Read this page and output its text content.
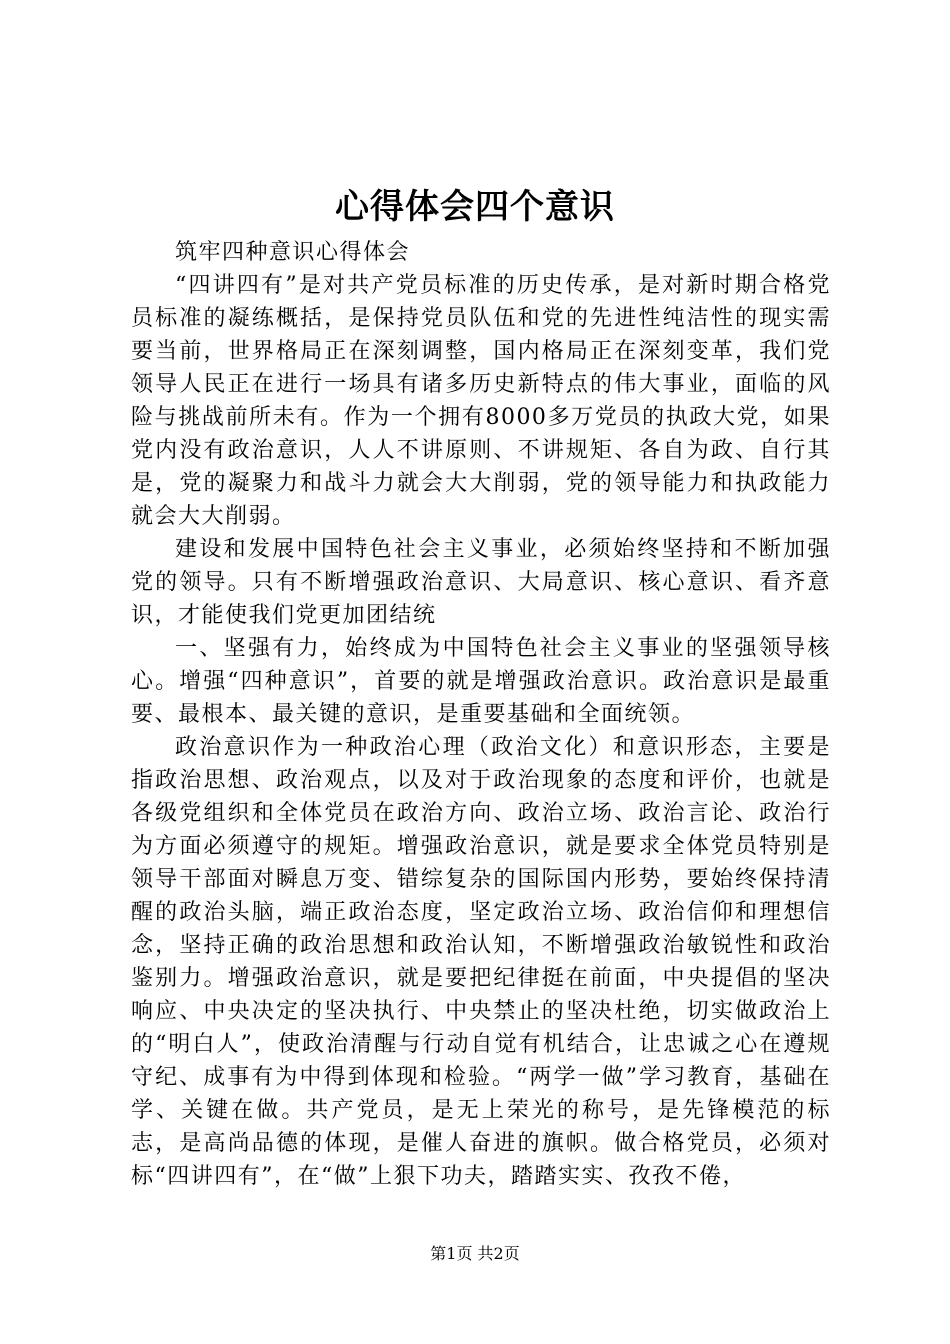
心得体会四个意识

筑牢四种意识心得体会

“四讲四有”是对共产党员标准的历史传承，是对新时期合格党员标准的凝练概括，是保持党员队伍和党的先进性纯洁性的现实需要当前，世界格局正在深刻调整，国内格局正在深刻变革，我们党领导人民正在进行一场具有诸多历史新特点的伟大事业，面临的风险与挑战前所未有。作为一个拥有8000多万党员的执政大党，如果党内没有政治意识，人人不讲原则、不讲规矩、各自为政、自行其是，党的凝聚力和战斗力就会大大削弱，党的领导能力和执政能力就会大大削弱。

建设和发展中国特色社会主义事业，必须始终坚持和不断加强党的领导。只有不断增强政治意识、大局意识、核心意识、看齐意识，才能使我们党更加团结统

一、坚强有力，始终成为中国特色社会主义事业的坚强领导核心。增强“四种意识”，首要的就是增强政治意识。政治意识是最重要、最根本、最关键的意识，是重要基础和全面统领。

政治意识作为一种政治心理（政治文化）和意识形态，主要是指政治思想、政治观点，以及对于政治现象的态度和评价，也就是各级党组织和全体党员在政治方向、政治立场、政治言论、政治行为方面必须遵守的规矩。增强政治意识，就是要求全体党员特别是领导干部面对瞬息万变、错综复杂的国际国内形势，要始终保持清醒的政治头脑，端正政治态度，坚定政治立场、政治信仰和理想信念，坚持正确的政治思想和政治认知，不断增强政治敏锐性和政治鉴别力。增强政治意识，就是要把纪律挺在前面，中央提倡的坚决响应、中央决定的坚决执行、中央禁止的坚决杜绝，切实做政治上的“明白人”，使政治清醒与行动自觉有机结合，让忠诚之心在遵规守纪、成事有为中得到体现和检验。“两学一做”学习教育，基础在学、关键在做。共产党员，是无上荣光的称号，是先锋模范的标志，是高尚品德的体现，是催人奋进的旗帜。做合格党员，必须对标“四讲四有”，在“做”上狠下功夫，踏踏实实、孜孜不倦，

第1页 共2页
